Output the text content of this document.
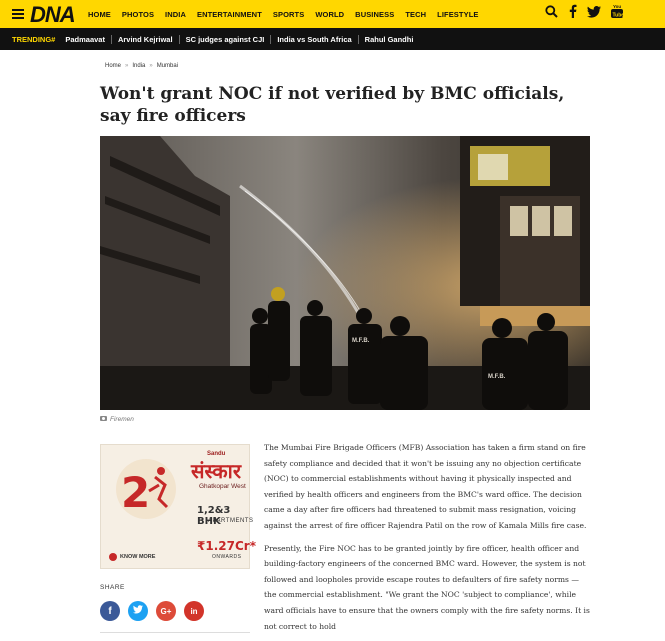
DNA HOME PHOTOS INDIA ENTERTAINMENT SPORTS WORLD BUSINESS TECH LIFESTYLE	Tube
You
TRENDING#	Padmaavat	Arvind Kejriwal	SC judges against CJI	India vs South Africa	Rahul Gandhi
Home » India » Mumbai
Won't grant NOC if not verified by BMC officials, say fire officers
M.F.B.
M.F.B.
Firemen
2
Sandu
संस्कार
Ghatkopar West
1,2&3 BHK
APARTMENTS
₹1.27Cr*
ONWARDS
KNOW MORE
SHARE
f	G+ in

The Mumbai Fire Brigade Officers (MFB) Association has taken a firm stand on fire safety compliance and decided that it won't be issuing any no objection certificate (NOC) to commercial establishments without having it physically inspected and verified by health officers and engineers from the BMC's ward office. The decision came a day after fire officers had threatened to submit mass resignation, voicing against the arrest of fire officer Rajendra Patil on the row of Kamala Mills fire case.

Presently, the Fire NOC has to be granted jointly by fire officer, health officer and building-factory engineers of the concerned BMC ward. However, the system is not followed and loopholes provide escape routes to defaulters of fire safety norms — the commercial establishment. "We grant the NOC 'subject to compliance', while ward officials have to ensure that the owners comply with the fire safety norms. It is not correct to hold
